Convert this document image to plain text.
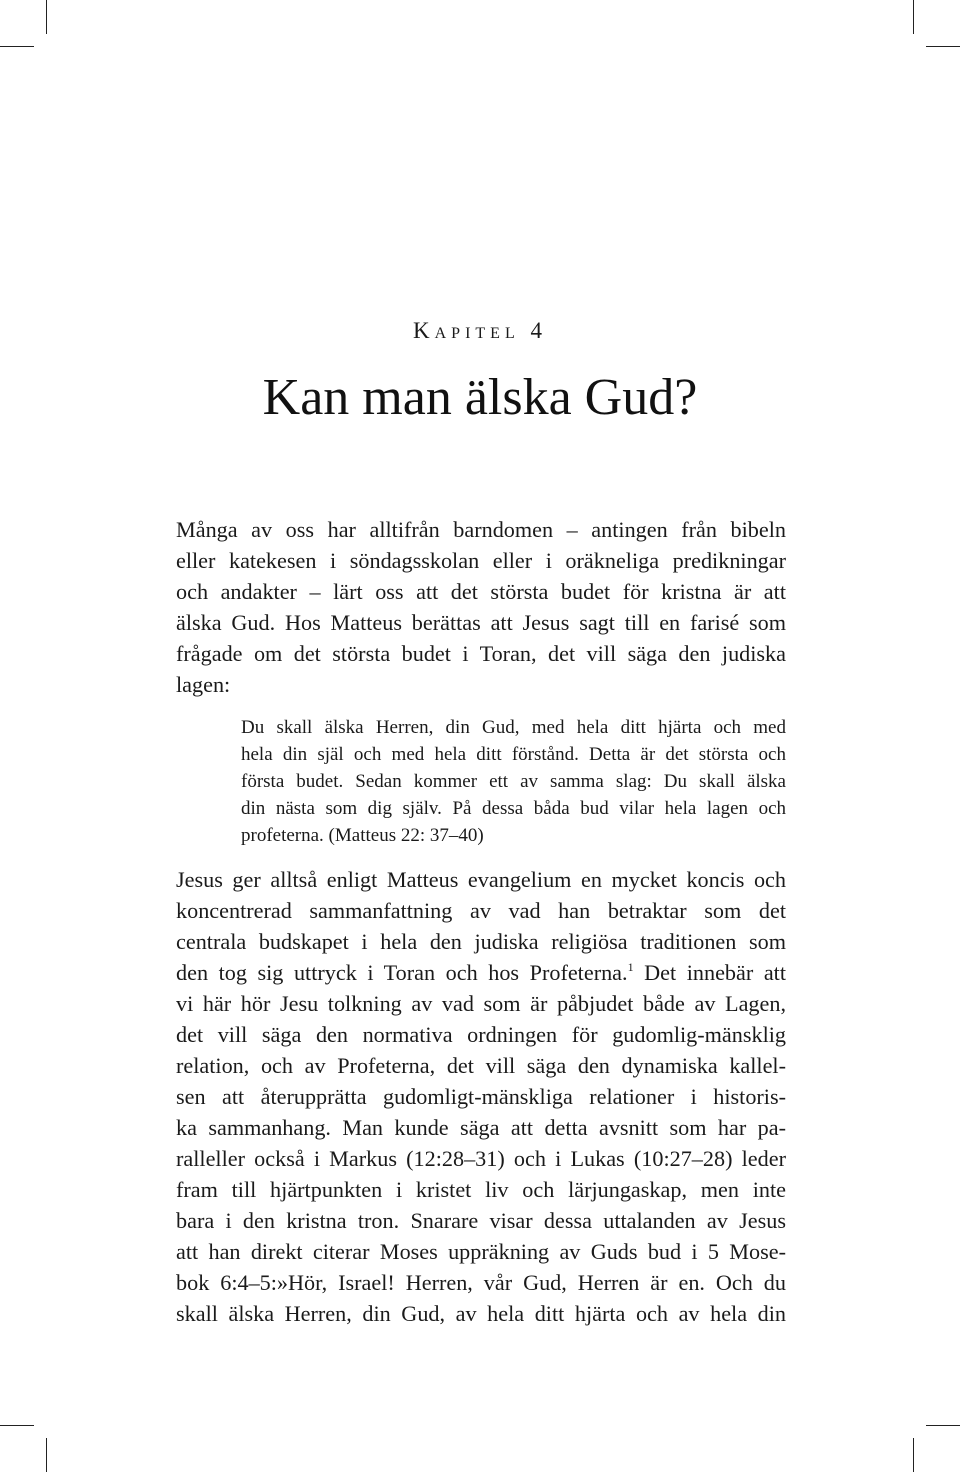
Kapitel 4
Kan man älska Gud?

Många av oss har alltifrån barndomen – antingen från bibeln
eller katekesen i söndagsskolan eller i oräkneliga predikningar
och andakter – lärt oss att det största budet för kristna är att
älska Gud. Hos Matteus berättas att Jesus sagt till en farisé som
frågade om det största budet i Toran, det vill säga den judiska
lagen:

Du skall älska Herren, din Gud, med hela ditt hjärta och med
hela din själ och med hela ditt förstånd. Detta är det största och
första budet. Sedan kommer ett av samma slag: Du skall älska
din nästa som dig själv. På dessa båda bud vilar hela lagen och
profeterna. (Matteus 22: 37–40)

Jesus ger alltså enligt Matteus evangelium en mycket koncis och
koncentrerad sammanfattning av vad han betraktar som det
centrala budskapet i hela den judiska religiösa traditionen som
den tog sig uttryck i Toran och hos Profeterna.$^1$ Det innebär att
vi här hör Jesu tolkning av vad som är påbjudet både av Lagen,
det vill säga den normativa ordningen för gudomlig-mänsklig
relation, och av Profeterna, det vill säga den dynamiska kallel-
sen att återupprätta gudomligt-mänskliga relationer i historis-
ka sammanhang. Man kunde säga att detta avsnitt som har pa-
ralleller också i Markus (12:28–31) och i Lukas (10:27–28) leder
fram till hjärtpunkten i kristet liv och lärjungaskap, men inte
bara i den kristna tron. Snarare visar dessa uttalanden av Jesus
att han direkt citerar Moses uppräkning av Guds bud i 5 Mose-
bok 6:4–5:»Hör, Israel! Herren, vår Gud, Herren är en. Och du
skall älska Herren, din Gud, av hela ditt hjärta och av hela din
